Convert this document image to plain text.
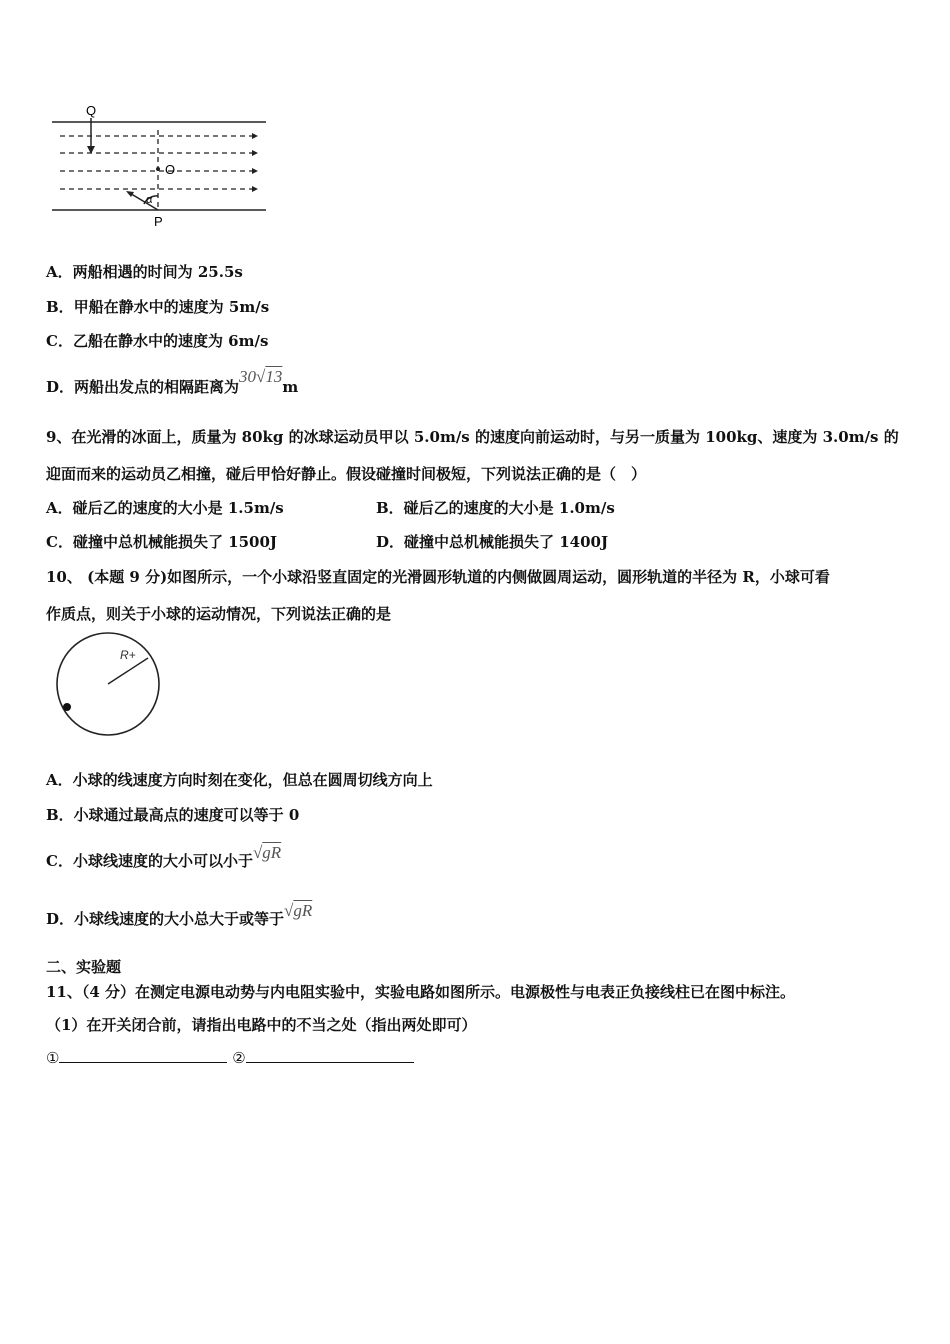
Q
O
P
α
A．两船相遇的时间为 25.5s
B．甲船在静水中的速度为 5m/s
C．乙船在静水中的速度为 6m/s
D．两船出发点的相隔距离为30√13m
9、在光滑的冰面上，质量为 80kg 的冰球运动员甲以 5.0m/s 的速度向前运动时，与另一质量为 100kg、速度为 3.0m/s 的
迎面而来的运动员乙相撞，碰后甲恰好静止。假设碰撞时间极短，下列说法正确的是（　）
A．碰后乙的速度的大小是 1.5m/s	B．碰后乙的速度的大小是 1.0m/s
C．碰撞中总机械能损失了 1500J	D．碰撞中总机械能损失了 1400J
10、 (本题 9 分)如图所示，一个小球沿竖直固定的光滑圆形轨道的内侧做圆周运动，圆形轨道的半径为 R，小球可看
作质点，则关于小球的运动情况，下列说法正确的是
R+
A．小球的线速度方向时刻在变化，但总在圆周切线方向上
B．小球通过最高点的速度可以等于 0
C．小球线速度的大小可以小于√gR
D．小球线速度的大小总大于或等于√gR
二、实验题
11、（4 分）在测定电源电动势与内电阻实验中，实验电路如图所示。电源极性与电表正负接线柱已在图中标注。
（1）在开关闭合前，请指出电路中的不当之处（指出两处即可）
①	②
